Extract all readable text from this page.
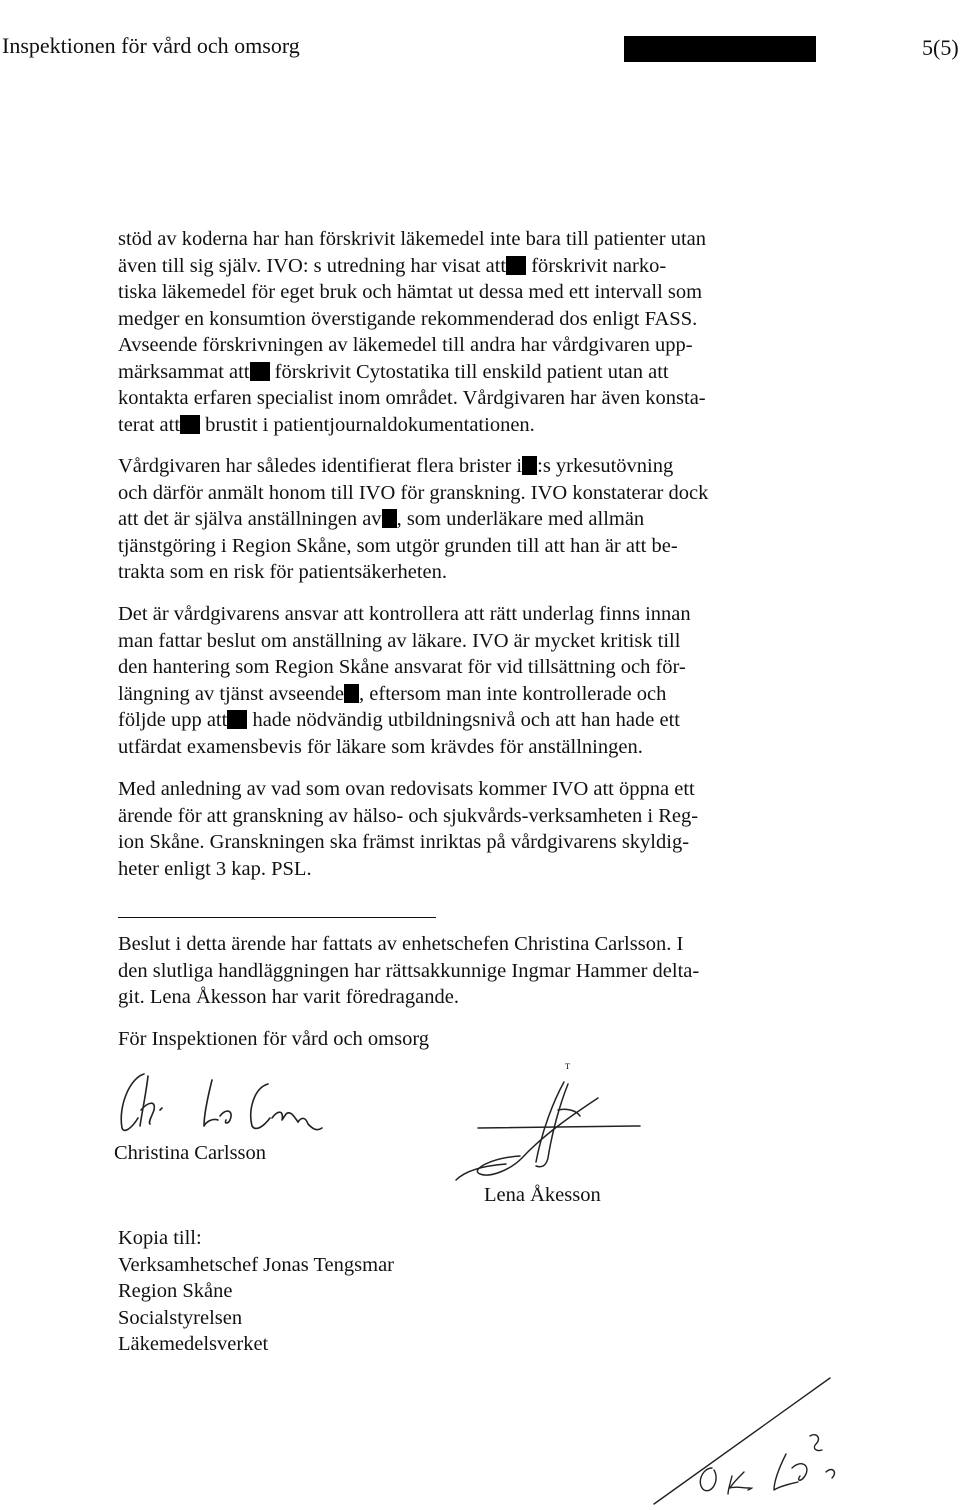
Inspektionen för vård och omsorg	5(5)
stöd av koderna har han förskrivit läkemedel inte bara till patienter utan
även till sig själv. IVO: s utredning har visat att förskrivit narko-
tiska läkemedel för eget bruk och hämtat ut dessa med ett intervall som
medger en konsumtion överstigande rekommenderad dos enligt FASS.
Avseende förskrivningen av läkemedel till andra har vårdgivaren upp-
märksammat att förskrivit Cytostatika till enskild patient utan att
kontakta erfaren specialist inom området. Vårdgivaren har även konsta-
terat att brustit i patientjournaldokumentationen.
Vårdgivaren har således identifierat flera brister i :s yrkesutövning
och därför anmält honom till IVO för granskning. IVO konstaterar dock
att det är själva anställningen av , som underläkare med allmän
tjänstgöring i Region Skåne, som utgör grunden till att han är att be-
trakta som en risk för patientsäkerheten.
Det är vårdgivarens ansvar att kontrollera att rätt underlag finns innan
man fattar beslut om anställning av läkare. IVO är mycket kritisk till
den hantering som Region Skåne ansvarat för vid tillsättning och för-
längning av tjänst avseende , eftersom man inte kontrollerade och
följde upp att hade nödvändig utbildningsnivå och att han hade ett
utfärdat examensbevis för läkare som krävdes för anställningen.
Med anledning av vad som ovan redovisats kommer IVO att öppna ett
ärende för att granskning av hälso- och sjukvårds-verksamheten i Reg-
ion Skåne. Granskningen ska främst inriktas på vårdgivarens skyldig-
heter enligt 3 kap. PSL.
Beslut i detta ärende har fattats av enhetschefen Christina Carlsson. I
den slutliga handläggningen har rättsakkunnige Ingmar Hammer delta-
git. Lena Åkesson har varit föredragande.
För Inspektionen för vård och omsorg
Christina Carlsson
ᵀ
Lena Åkesson
Kopia till:
Verksamhetschef Jonas Tengsmar
Region Skåne
Socialstyrelsen
Läkemedelsverket
